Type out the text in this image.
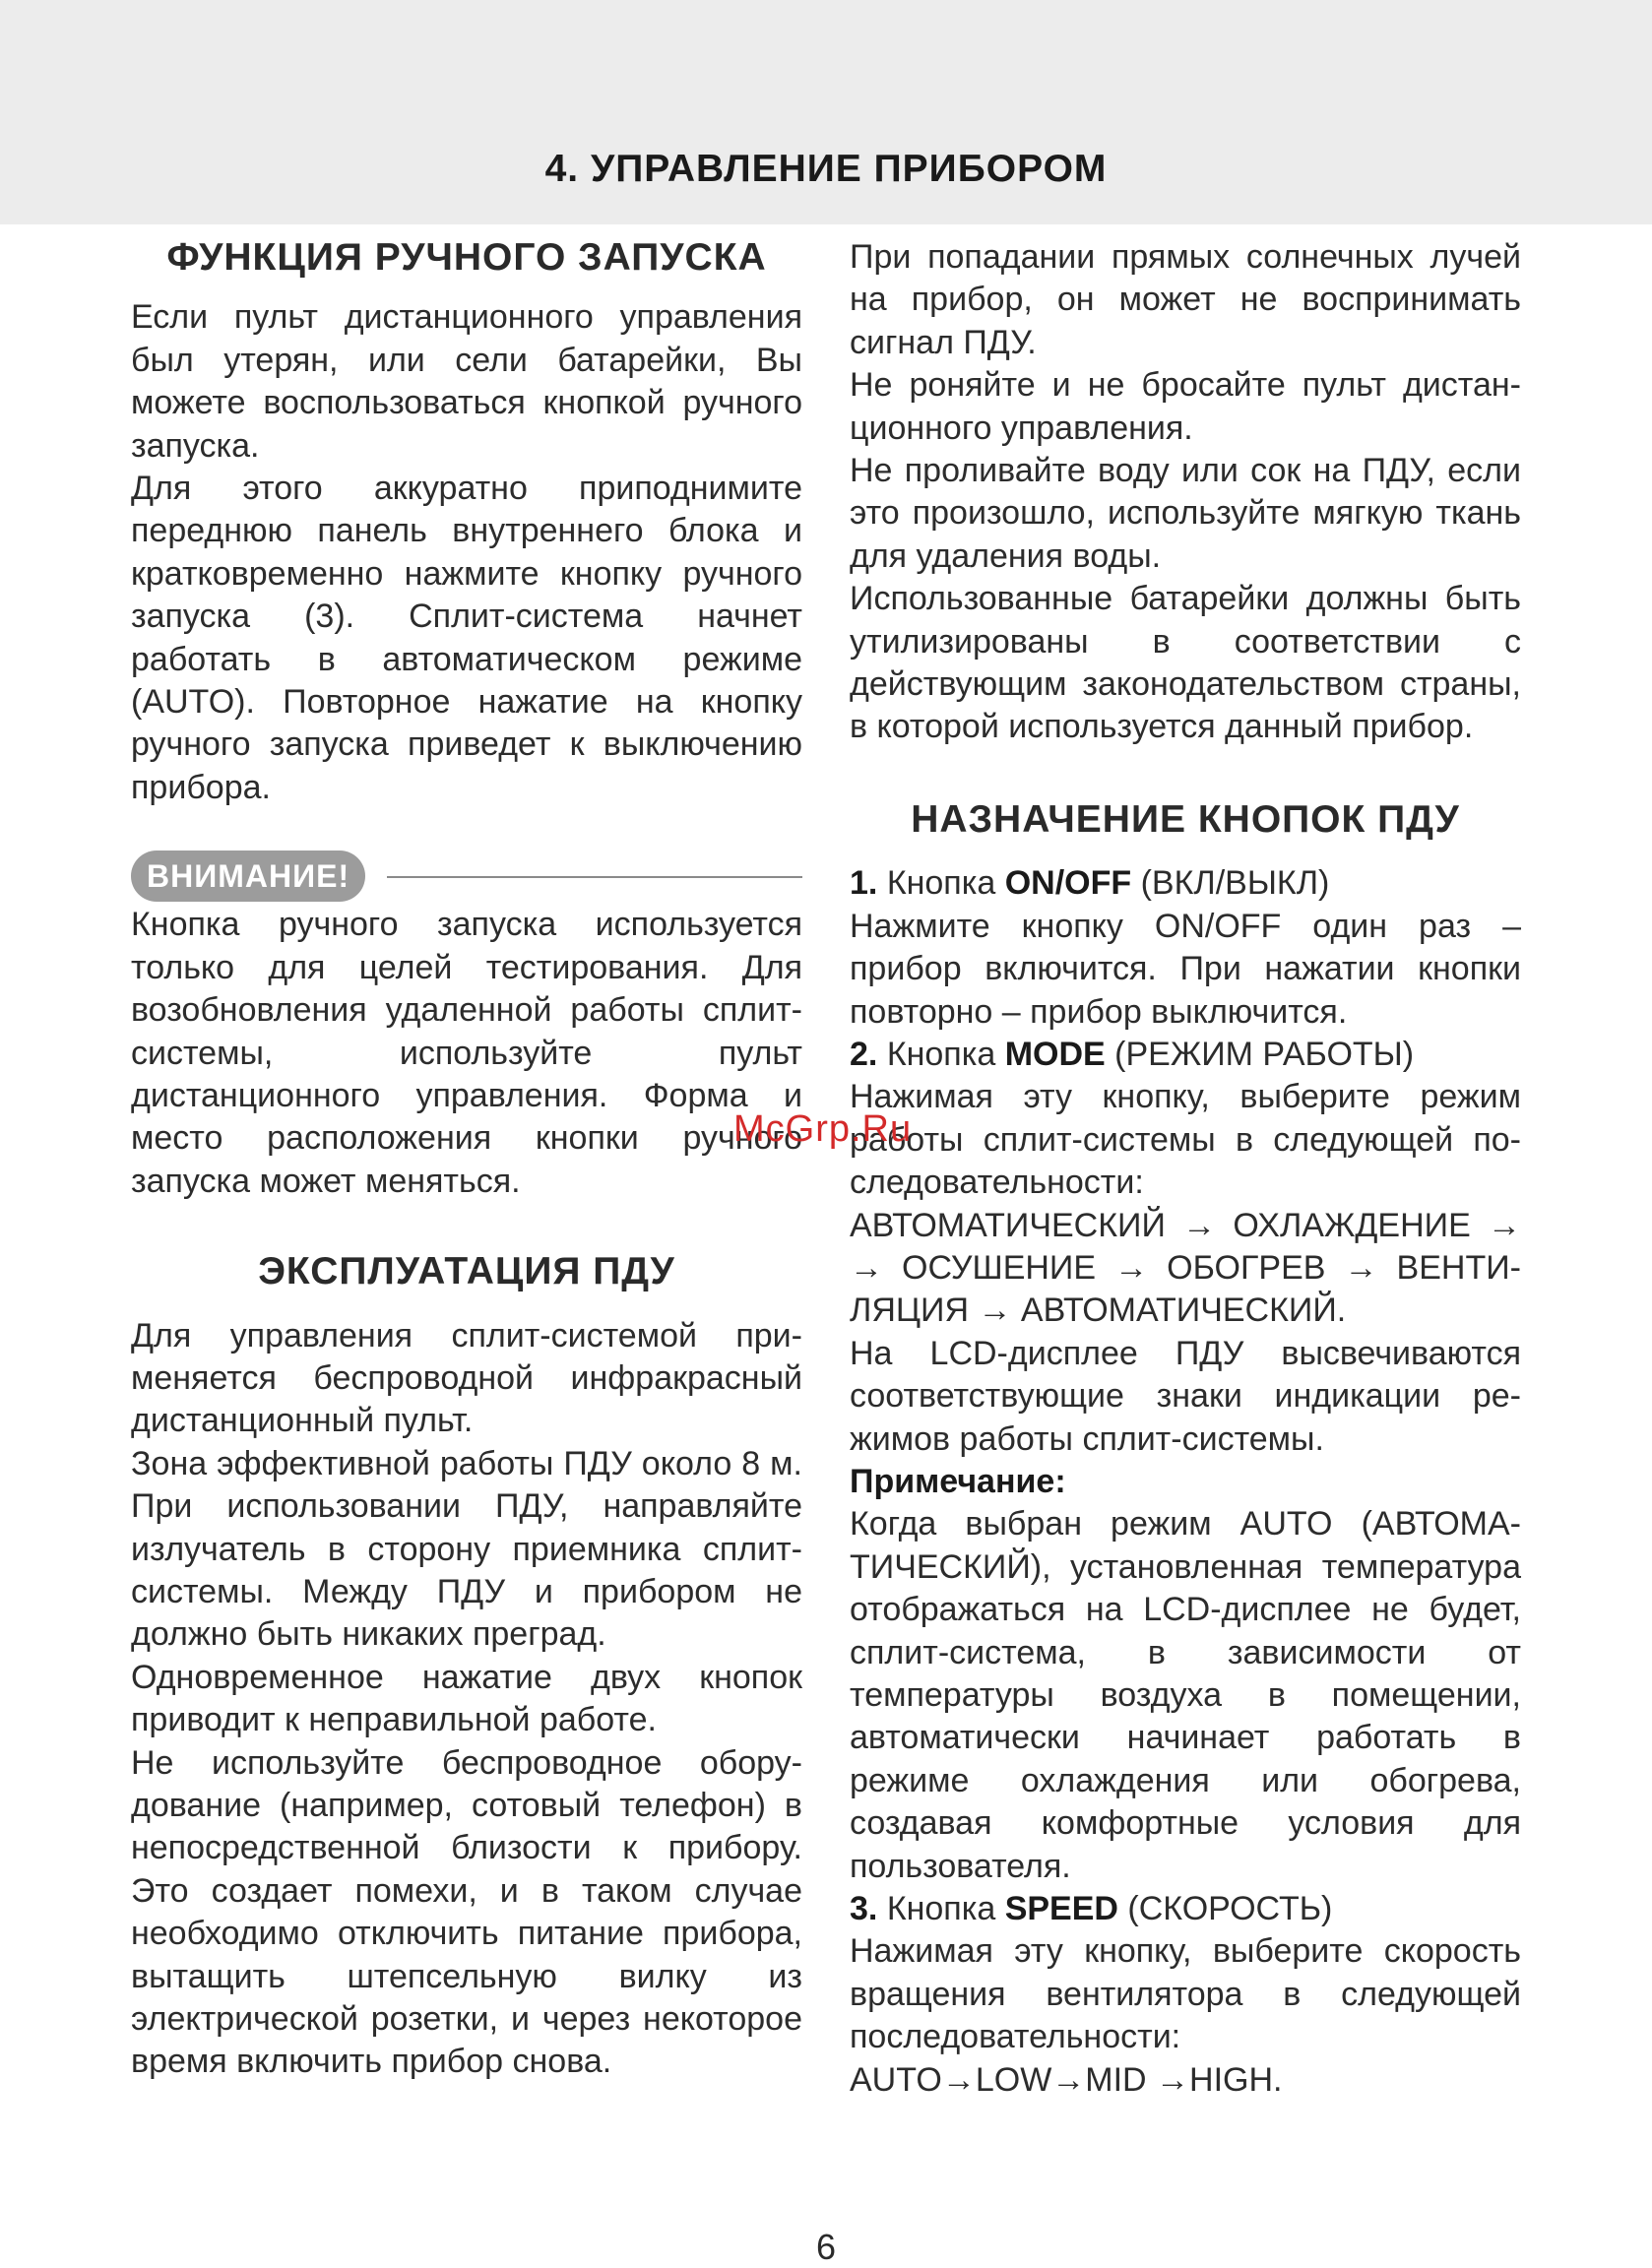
4. УПРАВЛЕНИЕ ПРИБОРОМ
ФУНКЦИЯ РУЧНОГО ЗАПУСКА

Если пульт дистанционного управления был утерян, или сели батарейки, Вы можете воспользоваться кнопкой ручного запуска.

Для этого аккуратно приподнимите переднюю панель внутреннего блока и кратковременно нажмите кнопку ручного запуска (3). Сплит-система начнет работать в автоматическом режиме (AUTO). Повторное нажатие на кнопку ручного запуска приведет к выключению прибора.

ВНИМАНИЕ!

Кнопка ручного запуска используется только для целей тестирования. Для возобновления удаленной работы сплит-системы, используйте пульт дистанционного управления. Форма и место расположения кнопки ручного запуска может меняться.

ЭКСПЛУАТАЦИЯ ПДУ

Для управления сплит-системой применяется беспроводной инфракрасный дистанционный пульт.

Зона эффективной работы ПДУ около 8 м. При использовании ПДУ, направляйте излучатель в сторону приемника сплит-системы. Между ПДУ и прибором не должно быть никаких преград.

Одновременное нажатие двух кнопок приводит к неправильной работе.

Не используйте беспроводное оборудование (например, сотовый телефон) в непосредственной близости к прибору. Это создает помехи, и в таком случае необходимо отключить питание прибора, вытащить штепсельную вилку из электрической розетки, и через некоторое время включить прибор снова.

При попадании прямых солнечных лучей на прибор, он может не воспринимать сигнал ПДУ.

Не роняйте и не бросайте пульт дистанционного управления.

Не проливайте воду или сок на ПДУ, если это произошло, используйте мягкую ткань для удаления воды.

Использованные батарейки должны быть утилизированы в соответствии с действующим законодательством страны, в которой используется данный прибор.

НАЗНАЧЕНИЕ КНОПОК ПДУ

1. Кнопка ON/OFF (ВКЛ/ВЫКЛ)

Нажмите кнопку ON/OFF один раз – прибор включится. При нажатии кнопки повторно – прибор выключится.

2. Кнопка MODE (РЕЖИМ РАБОТЫ)

Нажимая эту кнопку, выберите режим работы сплит-системы в следующей последовательности:

АВТОМАТИЧЕСКИЙ → ОХЛАЖДЕНИЕ → → ОСУШЕНИЕ → ОБОГРЕВ → ВЕНТИЛЯЦИЯ → АВТОМАТИЧЕСКИЙ.

На LCD-дисплее ПДУ высвечиваются соответствующие знаки индикации режимов работы сплит-системы.

Примечание:

Когда выбран режим AUTO (АВТОМАТИЧЕСКИЙ), установленная температура отображаться на LCD-дисплее не будет, сплит-система, в зависимости от температуры воздуха в помещении, автоматически начинает работать в режиме охлаждения или обогрева, создавая комфортные условия для пользователя.

3. Кнопка SPEED (СКОРОСТЬ)

Нажимая эту кнопку, выберите скорость вращения вентилятора в следующей последовательности:

AUTO→LOW→MID →HIGH.

McGrp.Ru
6
